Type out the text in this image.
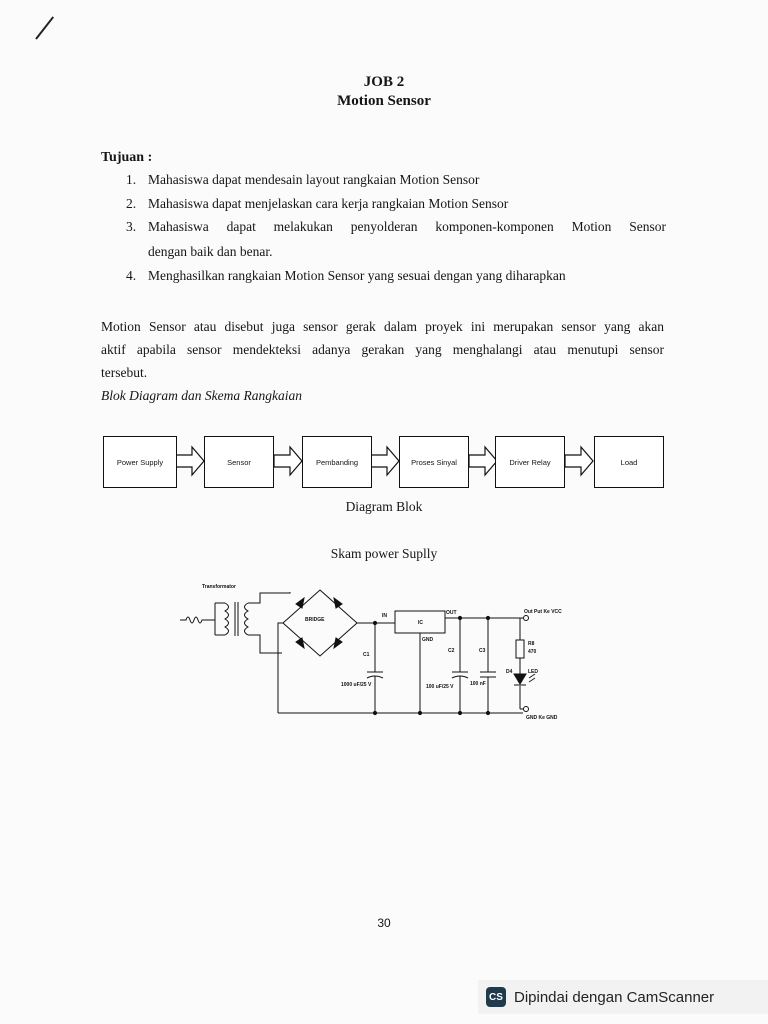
JOB 2
Motion Sensor
Tujuan :
1. Mahasiswa dapat mendesain layout rangkaian Motion Sensor
2. Mahasiswa dapat menjelaskan cara kerja rangkaian Motion Sensor
3. Mahasiswa dapat melakukan penyolderan komponen-komponen Motion Sensor
dengan baik dan benar.
4. Menghasilkan rangkaian Motion Sensor yang sesuai dengan yang diharapkan
Motion Sensor atau disebut juga sensor gerak dalam proyek ini merupakan sensor yang akan
aktif apabila sensor mendekteksi adanya gerakan yang menghalangi atau menutupi sensor
tersebut.
Blok Diagram dan Skema Rangkaian
Power Supply	Sensor	Pembanding	Proses Sinyal	Driver Relay	Load
Diagram Blok
Skam power Suplly
Transformator
BRIDGE
IN	OUT
IC
GND
C1
1000 uF/25 V
C2
100 uF/25 V
C3
100 nF
R8
470
D4	LED
Out Put Ke VCC
GND Ke GND
30
CS Dipindai dengan CamScanner
